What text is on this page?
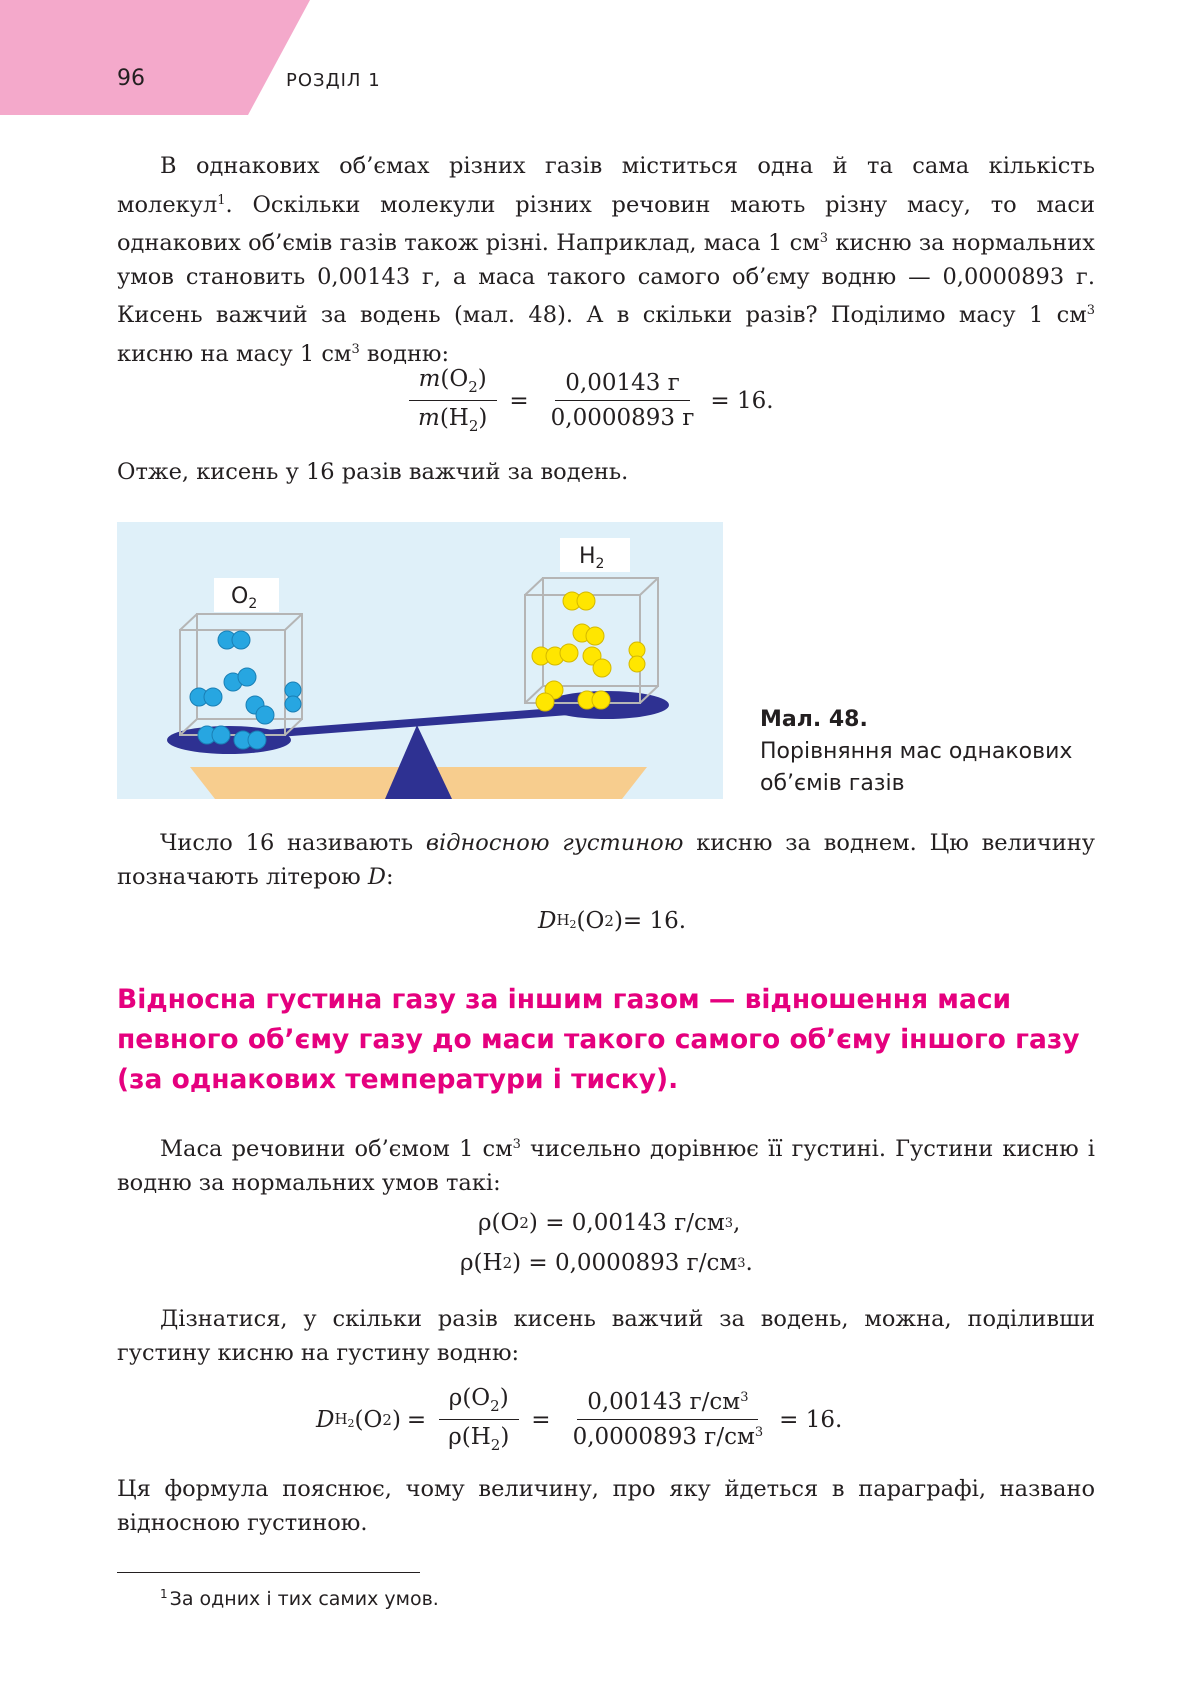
96	РОЗДІЛ 1

В однакових об’ємах різних газів міститься одна й та сама кількість молекул$^1$. Оскільки молекули різних речовин мають різну масу, то маси однакових об’ємів газів також різні. Наприклад, маса 1 $см^3$ кисню за нормальних умов становить 0,00143 г, а маса такого самого об’єму водню — 0,0000893 г. Кисень важчий за водень (мал. 48). А в скільки разів? Поділимо масу 1 $см^3$ кисню на масу 1 $см^3$ водню:

$\frac{m(O_2)}{m(H_2)} = \frac{0,00143 г}{0,0000893 г} = 16$.

Отже, кисень у 16 разів важчий за водень.

$O_2$
$H_2$
Мал. 48.
Порівняння мас однакових об’ємів газів

Число 16 називають відносною густиною кисню за воднем. Цю величину позначають літерою D:

D $H_2$ (O 2 ) = 16.
Відносна густина газу за іншим газом — відношення маси певного об’єму газу до маси такого самого об’єму іншого газу (за однакових температури і тиску).

Маса речовини об’ємом 1 $см^3$ чисельно дорівнює її густині. Густини кисню і водню за нормальних умов такі:

ρ(O 2 ) = 0,00143 г/см 3 ,
ρ(H 2 ) = 0,0000893 г/см 3 .

Дізнатися, у скільки разів кисень важчий за водень, можна, поділивши густину кисню на густину водню:

D $H_2$ (O 2 ) = $\frac{\rho(O_2)}{\rho(H_2)} = \frac{0,00143 г/см^3}{0,0000893 г/см^3} = 16$.

Ця формула пояснює, чому величину, про яку йдеться в параграфі, названо відносною густиною.

$^1$ За одних і тих самих умов.
